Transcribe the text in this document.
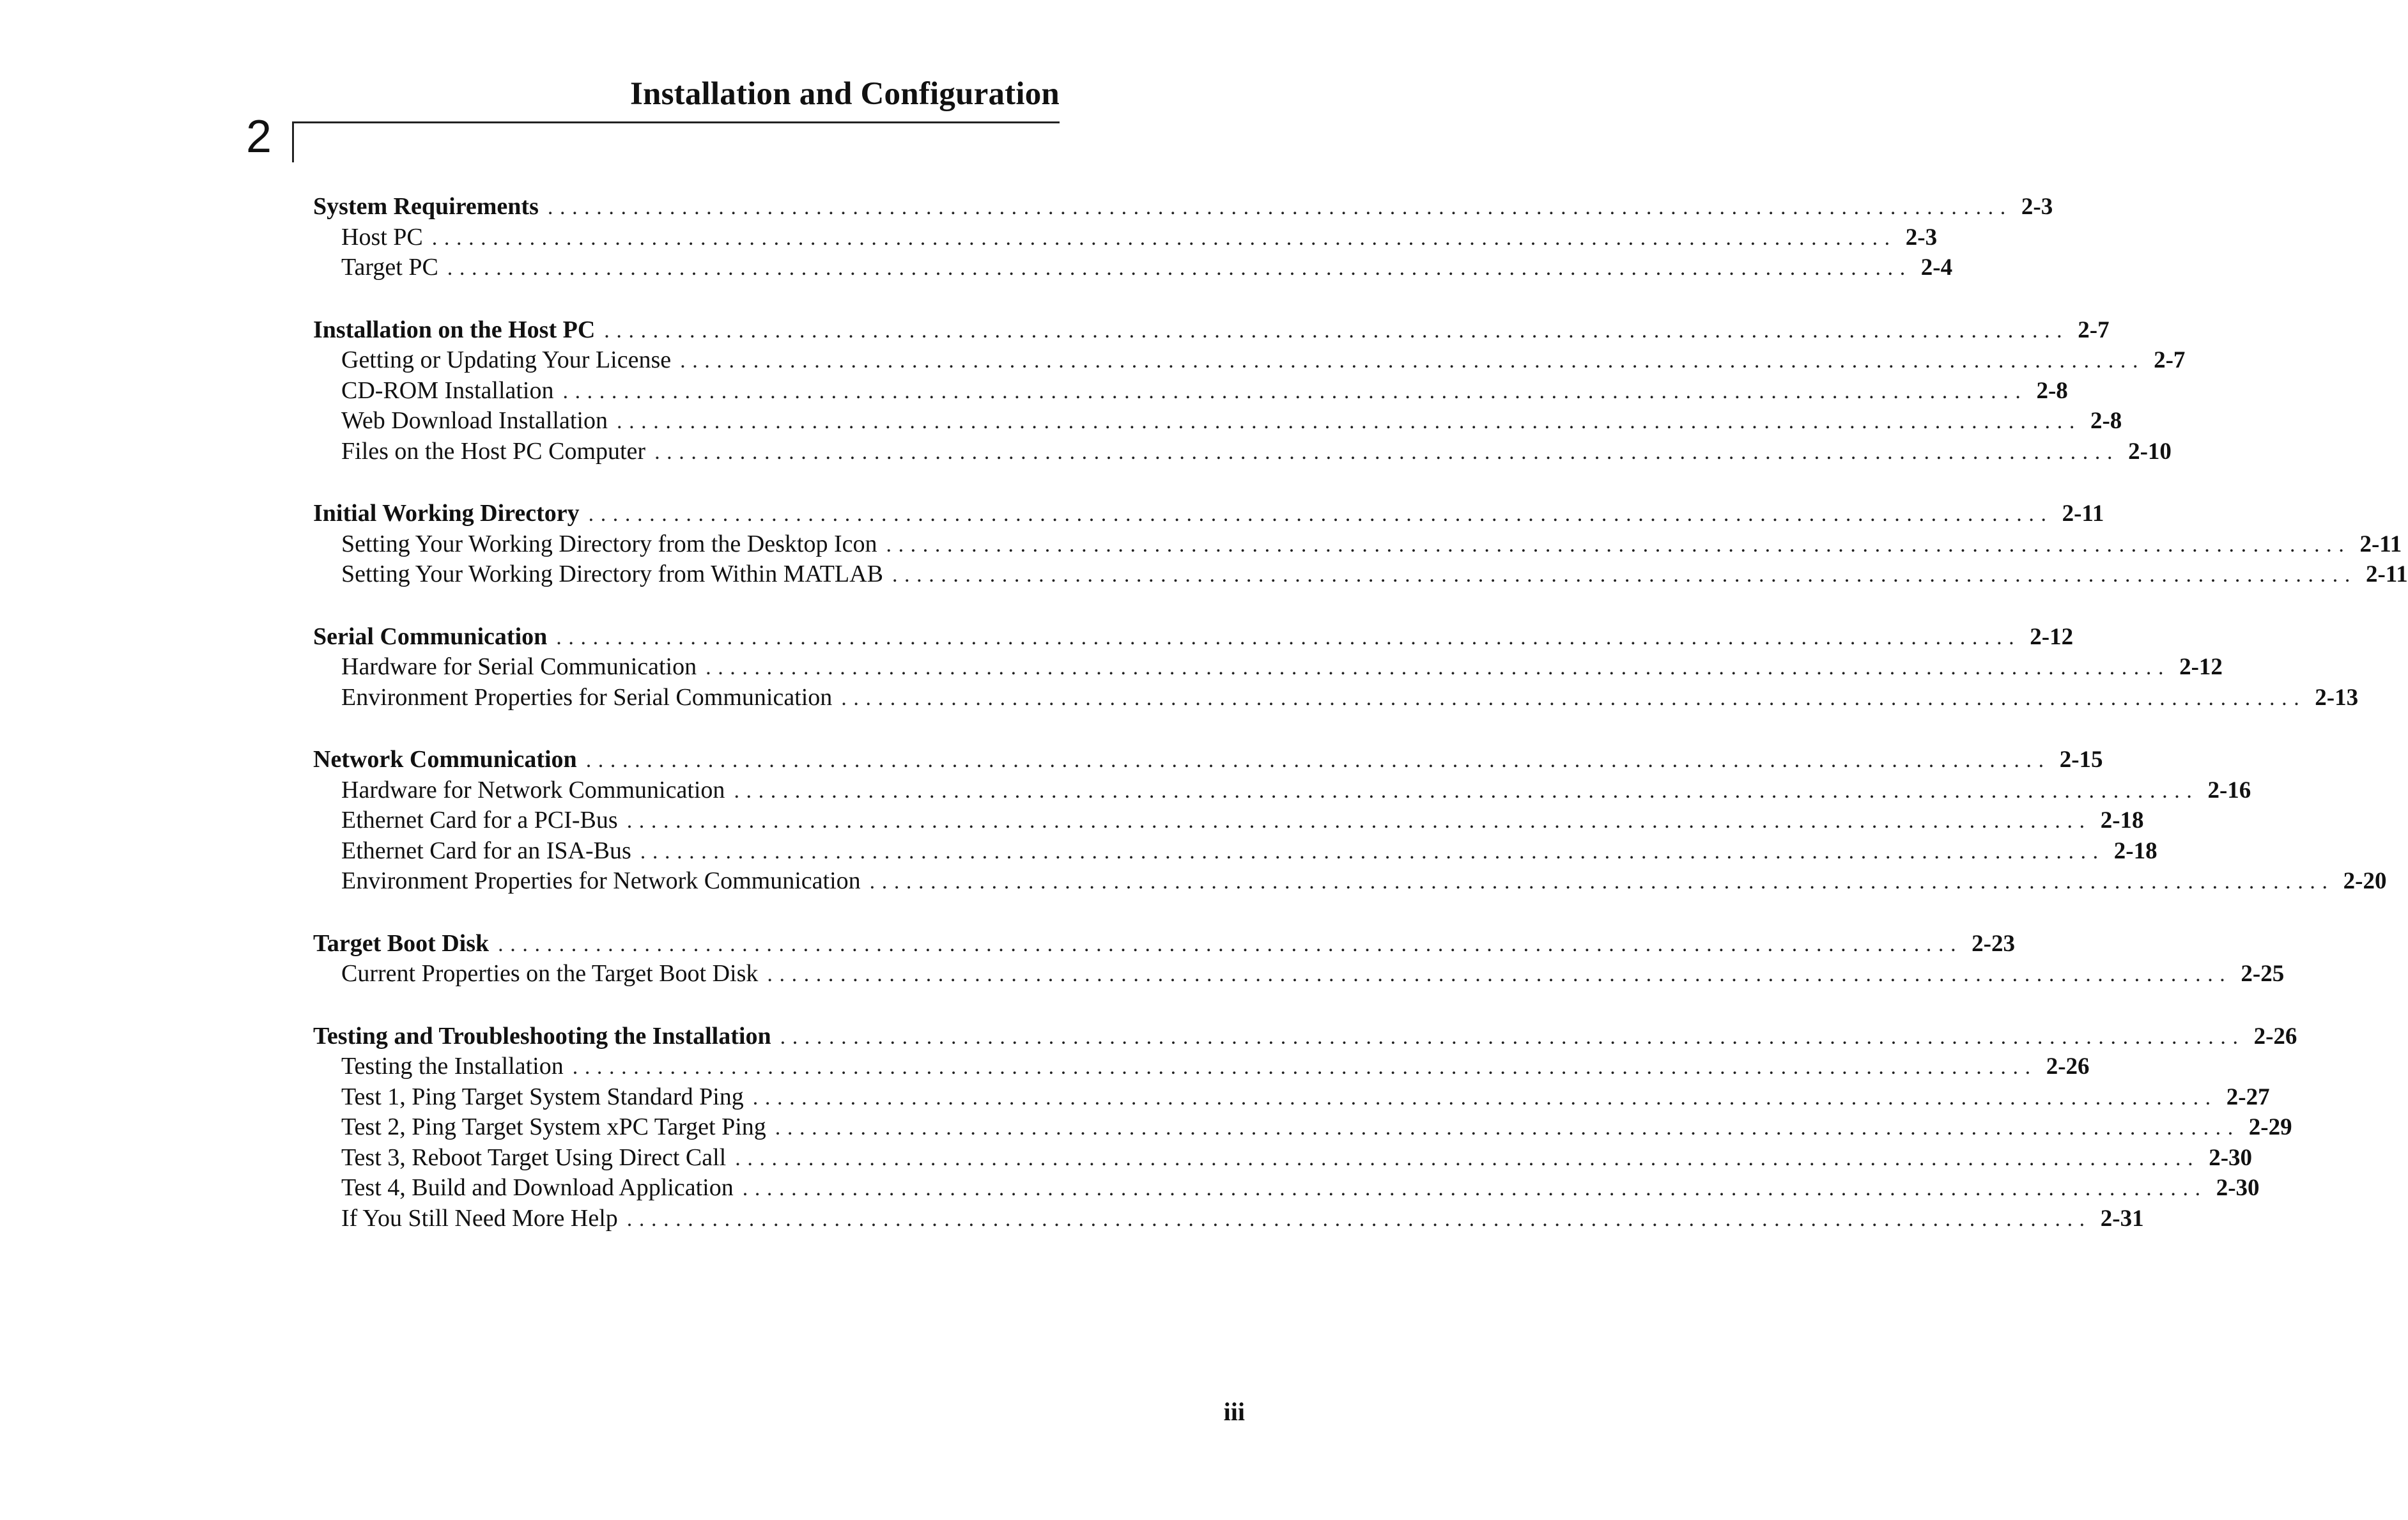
Installation and Configuration
2
System Requirements ........................................................................................................................ 2-3
Host PC ........................................................................................................................ 2-3
Target PC ........................................................................................................................ 2-4
Installation on the Host PC ........................................................................................................................ 2-7
Getting or Updating Your License ........................................................................................................................ 2-7
CD-ROM Installation ........................................................................................................................ 2-8
Web Download Installation ........................................................................................................................ 2-8
Files on the Host PC Computer ........................................................................................................................ 2-10
Initial Working Directory ........................................................................................................................ 2-11
Setting Your Working Directory from the Desktop Icon ........................................................................................................................ 2-11
Setting Your Working Directory from Within MATLAB ........................................................................................................................ 2-11
Serial Communication ........................................................................................................................ 2-12
Hardware for Serial Communication ........................................................................................................................ 2-12
Environment Properties for Serial Communication ........................................................................................................................ 2-13
Network Communication ........................................................................................................................ 2-15
Hardware for Network Communication ........................................................................................................................ 2-16
Ethernet Card for a PCI-Bus ........................................................................................................................ 2-18
Ethernet Card for an ISA-Bus ........................................................................................................................ 2-18
Environment Properties for Network Communication ........................................................................................................................ 2-20
Target Boot Disk ........................................................................................................................ 2-23
Current Properties on the Target Boot Disk ........................................................................................................................ 2-25
Testing and Troubleshooting the Installation ........................................................................................................................ 2-26
Testing the Installation ........................................................................................................................ 2-26
Test 1, Ping Target System Standard Ping ........................................................................................................................ 2-27
Test 2, Ping Target System xPC Target Ping ........................................................................................................................ 2-29
Test 3, Reboot Target Using Direct Call ........................................................................................................................ 2-30
Test 4, Build and Download Application ........................................................................................................................ 2-30
If You Still Need More Help ........................................................................................................................ 2-31
iii
